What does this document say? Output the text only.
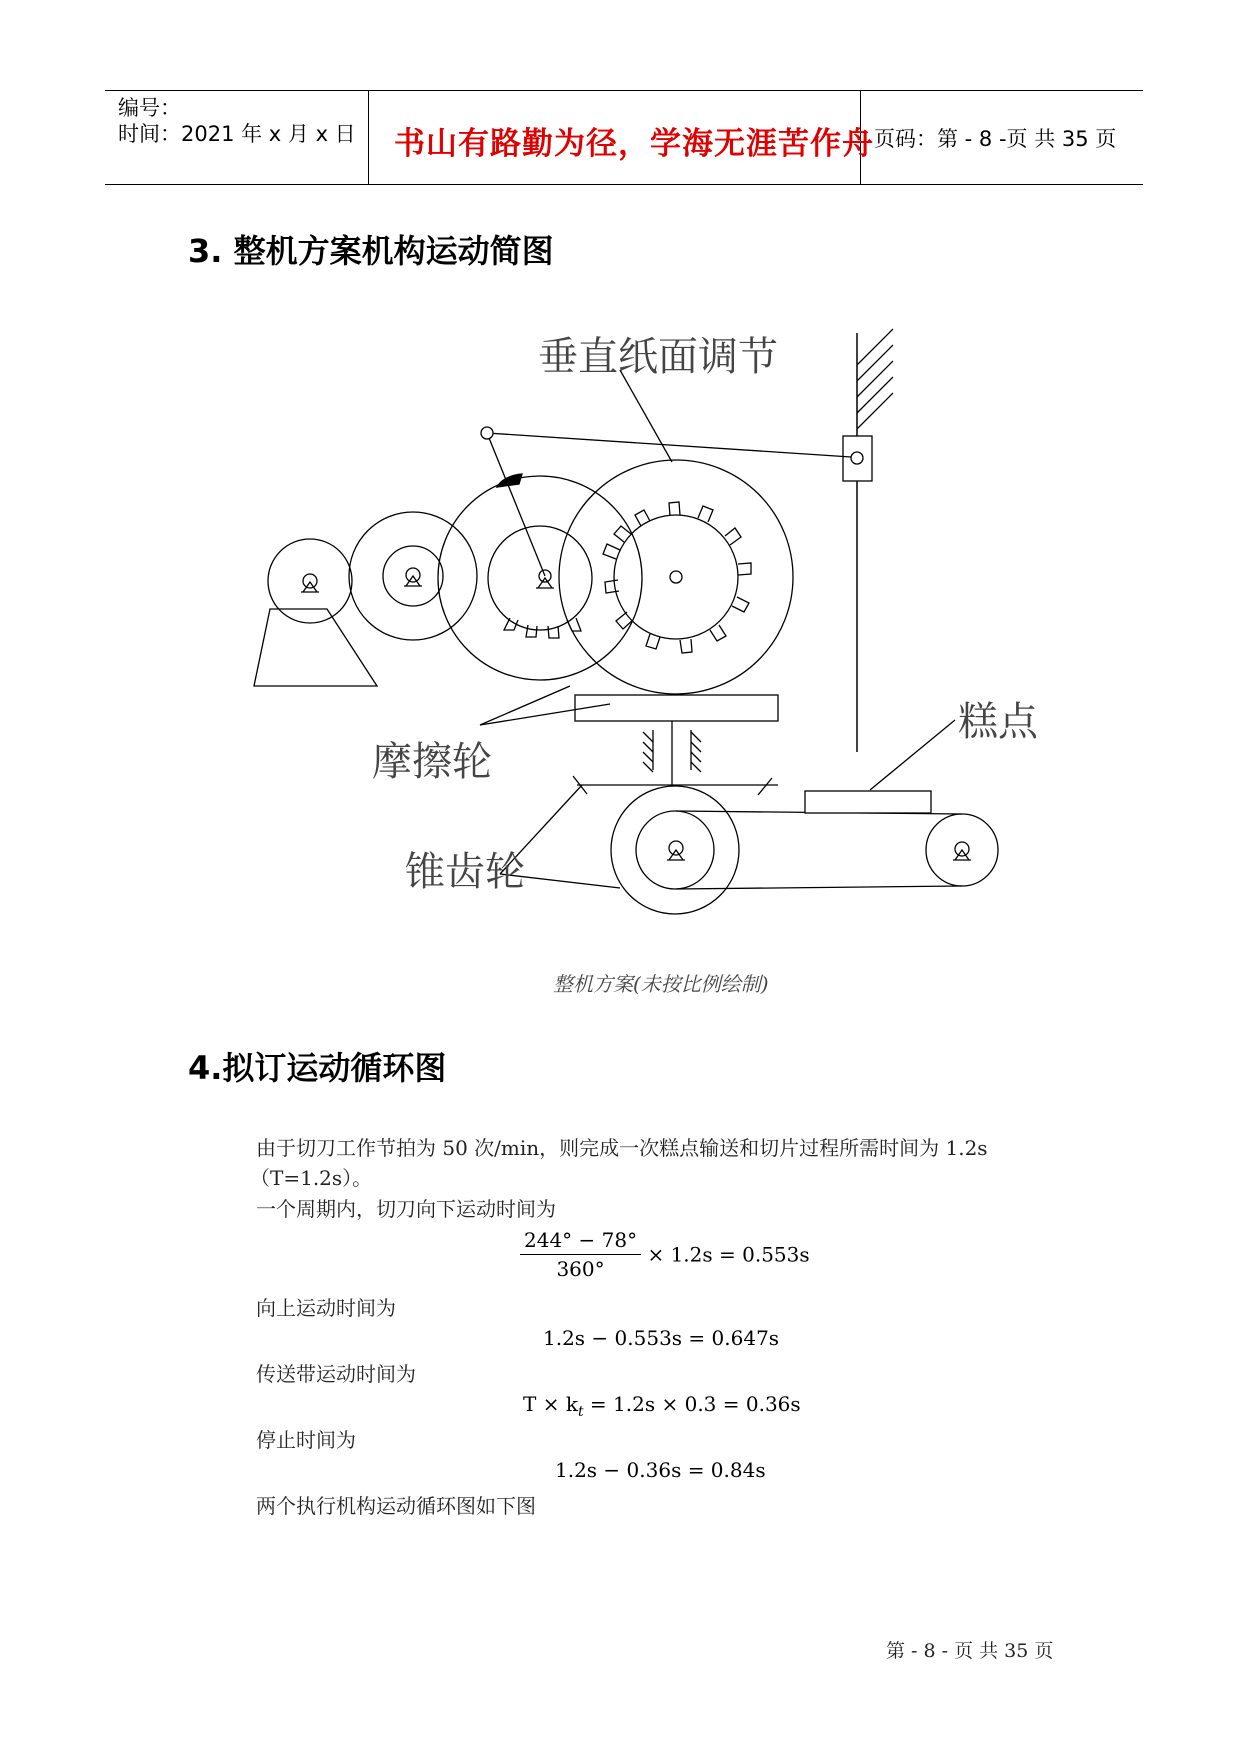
编号：
时间：2021 年 x 月 x 日 书山有路勤为径，学海无涯苦作舟 页码：第 - 8 -页 共 35 页
3. 整机方案机构运动简图
垂直纸面调节
摩擦轮
锥齿轮
糕点
整机方案(未按比例绘制)
4.拟订运动循环图
由于切刀工作节拍为 50 次/min，则完成一次糕点输送和切片过程所需时间为 1.2s
（T=1.2s）。
一个周期内，切刀向下运动时间为
$\frac{244^\circ - 78^\circ}{360^\circ} \times 1.2s = 0.553s$
向上运动时间为
1.2s − 0.553s = 0.647s
传送带运动时间为
$T \times k_t = 1.2s \times 0.3 = 0.36s$
停止时间为
1.2s − 0.36s = 0.84s
两个执行机构运动循环图如下图
第 - 8 - 页 共 35 页
